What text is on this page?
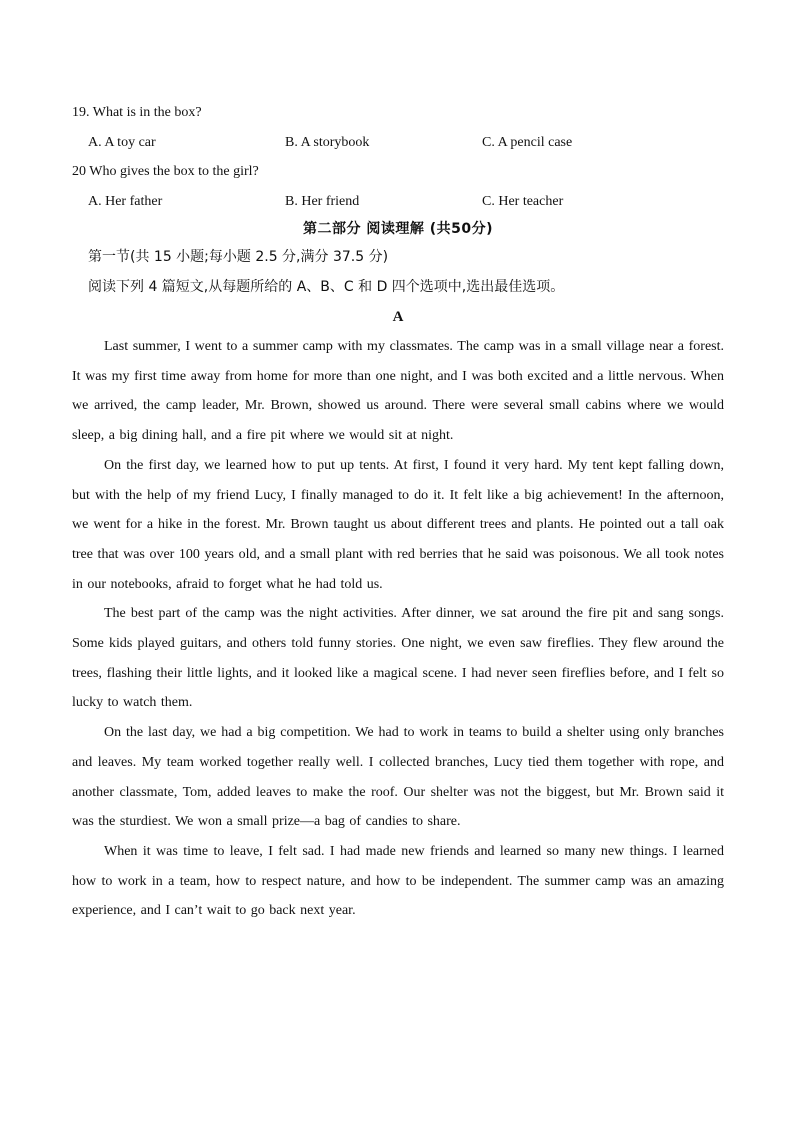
19. What is in the box?
A. A toy car	B. A storybook	C. A pencil case
20 Who gives the box to the girl?
A. Her father	B. Her friend	C. Her teacher
第二部分 阅读理解 (共50分)
第一节(共 15 小题;每小题 2.5 分,满分 37.5 分)
阅读下列 4 篇短文,从每题所给的 A、B、C 和 D 四个选项中,选出最佳选项。
A

Last summer, I went to a summer camp with my classmates. The camp was in a small village near a forest. It was my first time away from home for more than one night, and I was both excited and a little nervous. When we arrived, the camp leader, Mr. Brown, showed us around. There were several small cabins where we would sleep, a big dining hall, and a fire pit where we would sit at night.

On the first day, we learned how to put up tents. At first, I found it very hard. My tent kept falling down, but with the help of my friend Lucy, I finally managed to do it. It felt like a big achievement! In the afternoon, we went for a hike in the forest. Mr. Brown taught us about different trees and plants. He pointed out a tall oak tree that was over 100 years old, and a small plant with red berries that he said was poisonous. We all took notes in our notebooks, afraid to forget what he had told us.

The best part of the camp was the night activities. After dinner, we sat around the fire pit and sang songs. Some kids played guitars, and others told funny stories. One night, we even saw fireflies. They flew around the trees, flashing their little lights, and it looked like a magical scene. I had never seen fireflies before, and I felt so lucky to watch them.

On the last day, we had a big competition. We had to work in teams to build a shelter using only branches and leaves. My team worked together really well. I collected branches, Lucy tied them together with rope, and another classmate, Tom, added leaves to make the roof. Our shelter was not the biggest, but Mr. Brown said it was the sturdiest. We won a small prize—a bag of candies to share.

When it was time to leave, I felt sad. I had made new friends and learned so many new things. I learned how to work in a team, how to respect nature, and how to be independent. The summer camp was an amazing experience, and I can’t wait to go back next year.
